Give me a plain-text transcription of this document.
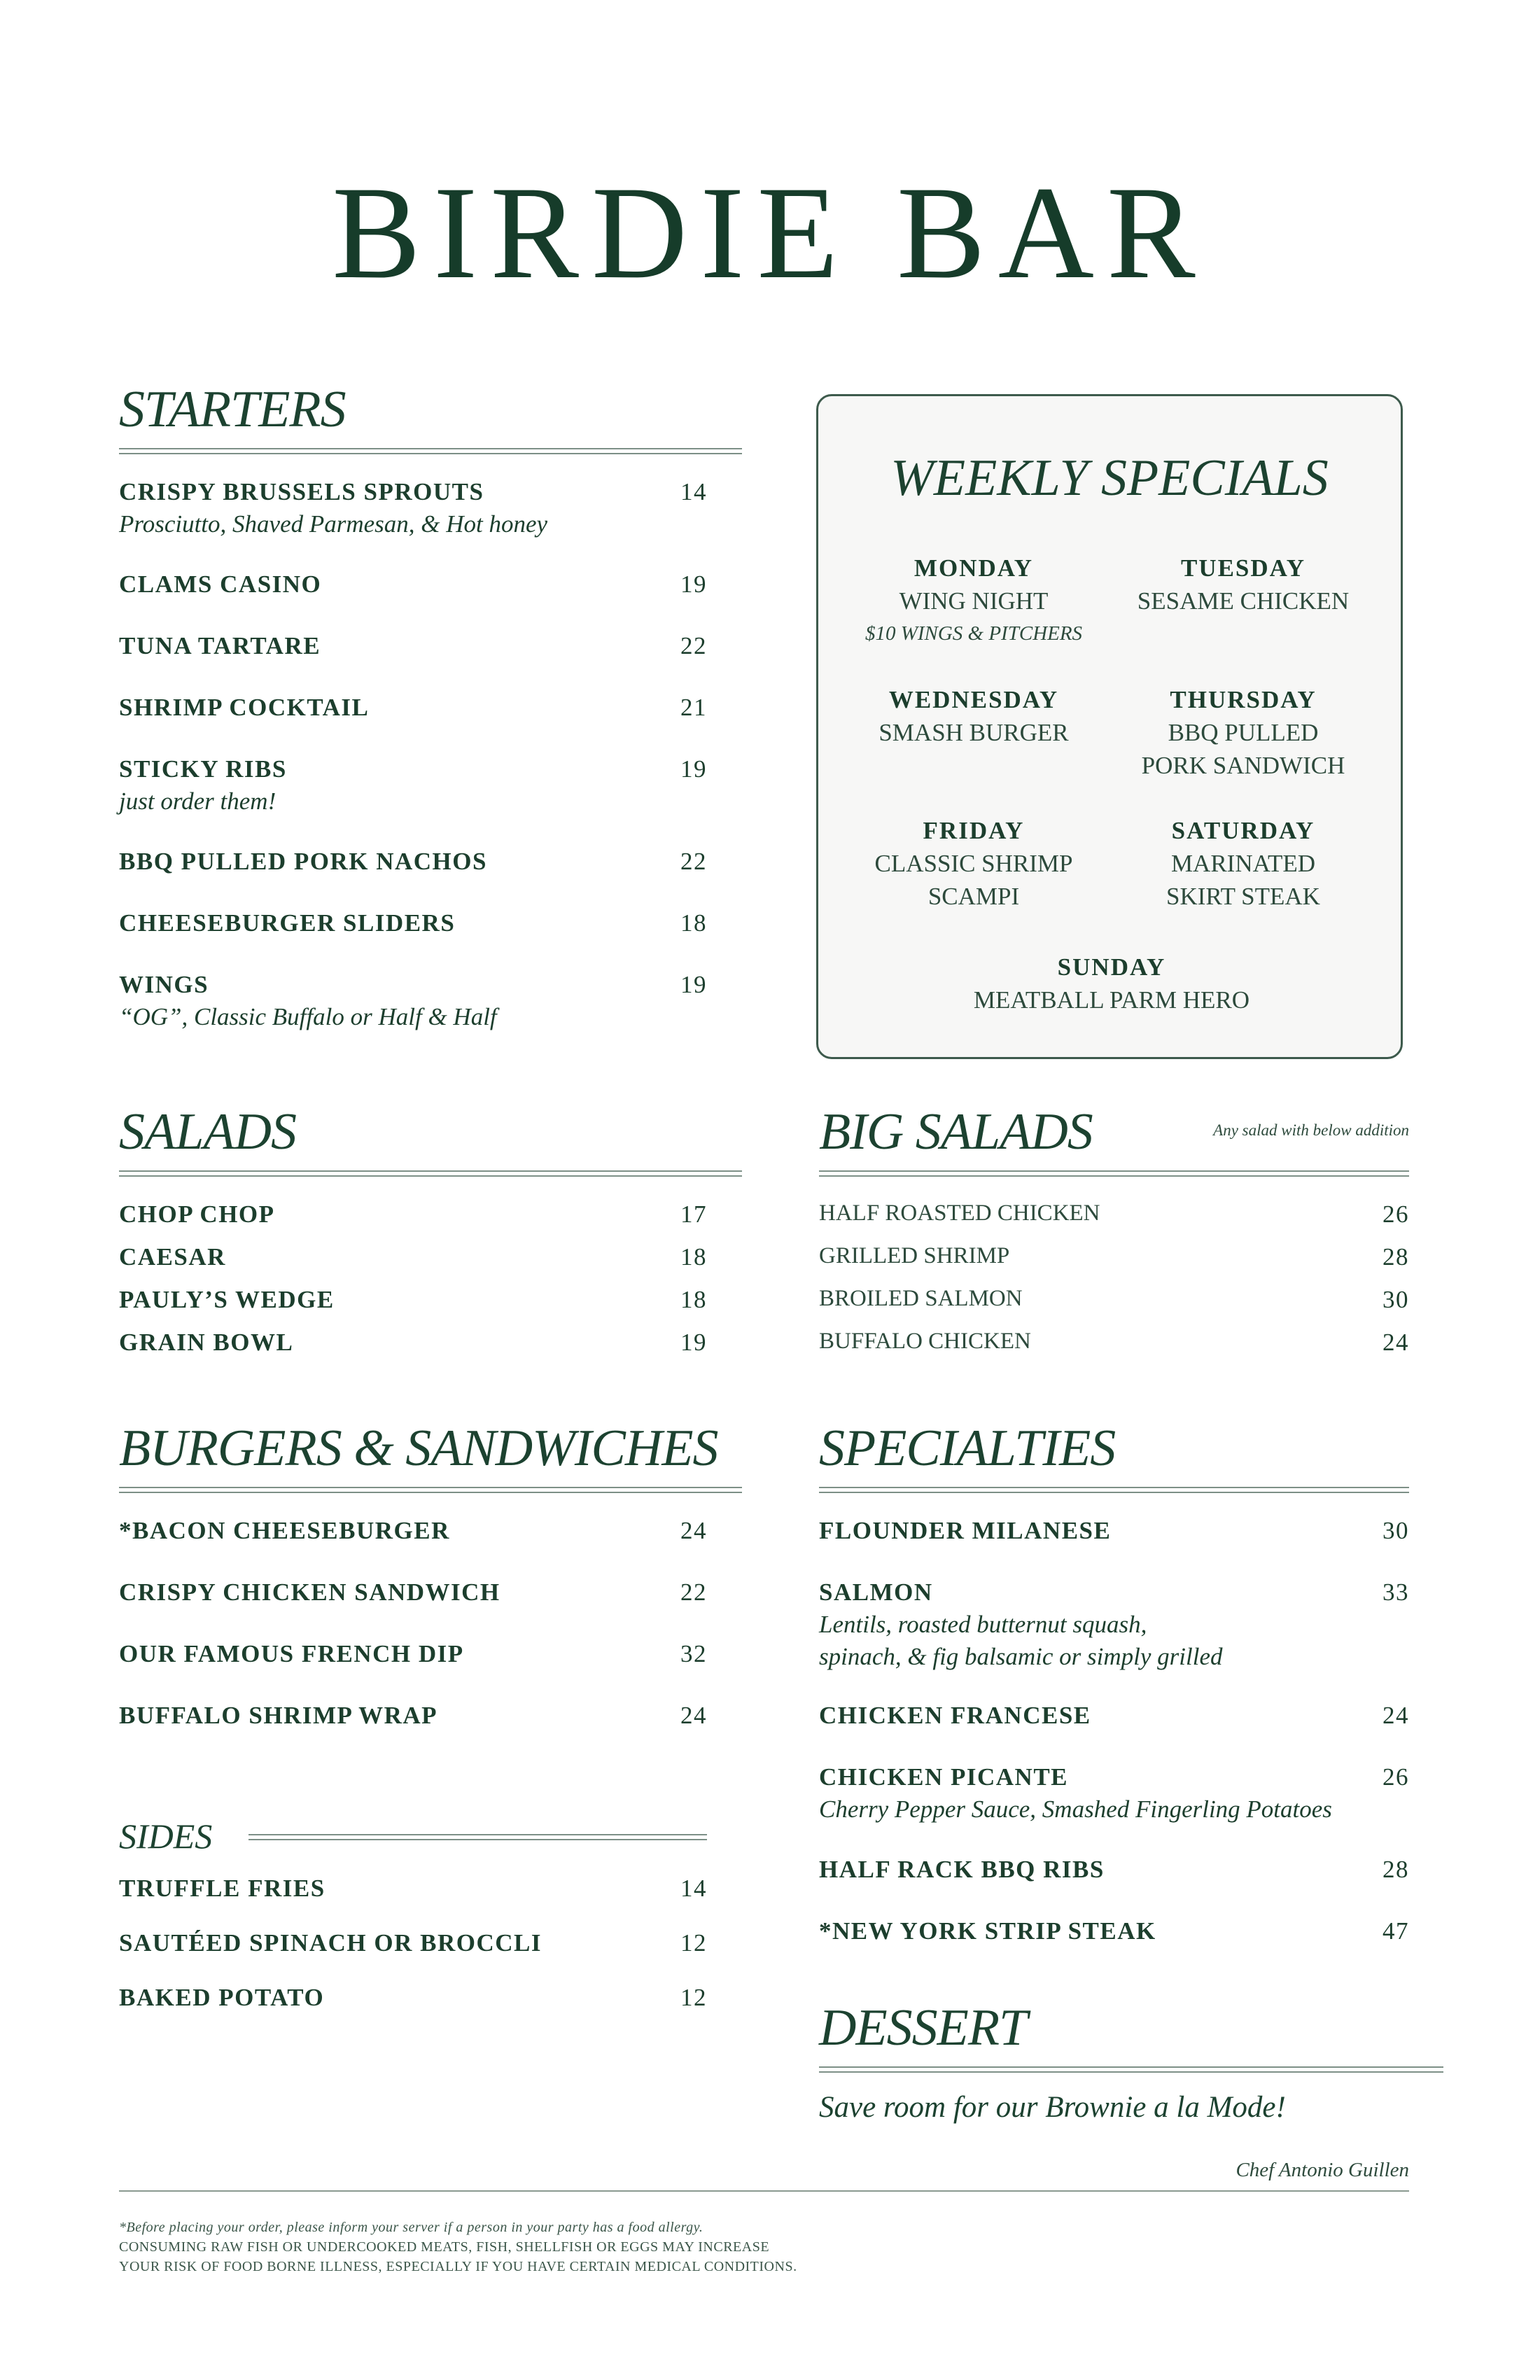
BIRDIE BAR
STARTERS
CRISPY BRUSSELS SPROUTS	14
Prosciutto, Shaved Parmesan, & Hot honey
CLAMS CASINO	19
TUNA TARTARE	22
SHRIMP COCKTAIL	21
STICKY RIBS	19
just order them!
BBQ PULLED PORK NACHOS	22
CHEESEBURGER SLIDERS	18
WINGS	19
“OG”, Classic Buffalo or Half & Half
WEEKLY SPECIALS
MONDAY
WING NIGHT
$10 WINGS & PITCHERS
TUESDAY
SESAME CHICKEN
WEDNESDAY
SMASH BURGER
THURSDAY
BBQ PULLED
PORK SANDWICH
FRIDAY
CLASSIC SHRIMP
SCAMPI
SATURDAY
MARINATED
SKIRT STEAK
SUNDAY
MEATBALL PARM HERO
SALADS
CHOP CHOP	17
CAESAR	18
PAULY’S WEDGE	18
GRAIN BOWL	19
BIG SALADS	Any salad with below addition
HALF ROASTED CHICKEN	26
GRILLED SHRIMP	28
BROILED SALMON	30
BUFFALO CHICKEN	24
BURGERS & SANDWICHES
*BACON CHEESEBURGER	24
CRISPY CHICKEN SANDWICH	22
OUR FAMOUS FRENCH DIP	32
BUFFALO SHRIMP WRAP	24
SIDES
TRUFFLE FRIES	14
SAUTÉED SPINACH OR BROCCLI	12
BAKED POTATO	12
SPECIALTIES
FLOUNDER MILANESE	30
SALMON	33
Lentils, roasted butternut squash,
spinach, & fig balsamic or simply grilled
CHICKEN FRANCESE	24
CHICKEN PICANTE	26
Cherry Pepper Sauce, Smashed Fingerling Potatoes
HALF RACK BBQ RIBS	28
*NEW YORK STRIP STEAK	47
DESSERT
Save room for our Brownie a la Mode!
Chef Antonio Guillen
*Before placing your order, please inform your server if a person in your party has a food allergy.
CONSUMING RAW FISH OR UNDERCOOKED MEATS, FISH, SHELLFISH OR EGGS MAY INCREASE
YOUR RISK OF FOOD BORNE ILLNESS, ESPECIALLY IF YOU HAVE CERTAIN MEDICAL CONDITIONS.
